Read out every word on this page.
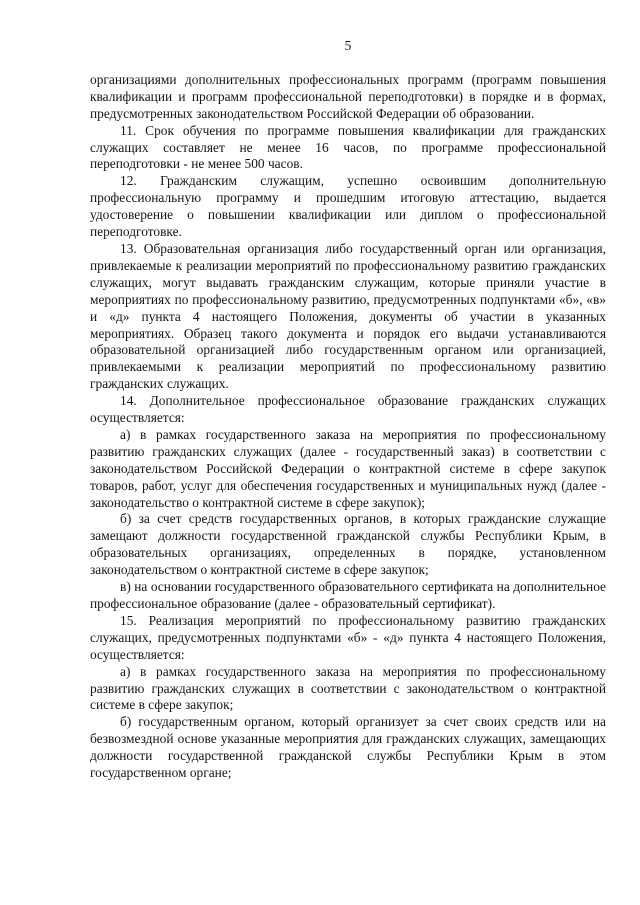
5

организациями дополнительных профессиональных программ (программ повышения квалификации и программ профессиональной переподготовки) в порядке и в формах, предусмотренных законодательством Российской Федерации об образовании.

11. Срок обучения по программе повышения квалификации для гражданских служащих составляет не менее 16 часов, по программе профессиональной переподготовки - не менее 500 часов.

12. Гражданским служащим, успешно освоившим дополнительную профессиональную программу и прошедшим итоговую аттестацию, выдается удостоверение о повышении квалификации или диплом о профессиональной переподготовке.

13. Образовательная организация либо государственный орган или организация, привлекаемые к реализации мероприятий по профессиональному развитию гражданских служащих, могут выдавать гражданским служащим, которые приняли участие в мероприятиях по профессиональному развитию, предусмотренных подпунктами «б», «в» и «д» пункта 4 настоящего Положения, документы об участии в указанных мероприятиях. Образец такого документа и порядок его выдачи устанавливаются образовательной организацией либо государственным органом или организацией, привлекаемыми к реализации мероприятий по профессиональному развитию гражданских служащих.

14. Дополнительное профессиональное образование гражданских служащих осуществляется:

а) в рамках государственного заказа на мероприятия по профессиональному развитию гражданских служащих (далее - государственный заказ) в соответствии с законодательством Российской Федерации о контрактной системе в сфере закупок товаров, работ, услуг для обеспечения государственных и муниципальных нужд (далее - законодательство о контрактной системе в сфере закупок);

б) за счет средств государственных органов, в которых гражданские служащие замещают должности государственной гражданской службы Республики Крым, в образовательных организациях, определенных в порядке, установленном законодательством о контрактной системе в сфере закупок;

в) на основании государственного образовательного сертификата на дополнительное профессиональное образование (далее - образовательный сертификат).

15. Реализация мероприятий по профессиональному развитию гражданских служащих, предусмотренных подпунктами «б» - «д» пункта 4 настоящего Положения, осуществляется:

а) в рамках государственного заказа на мероприятия по профессиональному развитию гражданских служащих в соответствии с законодательством о контрактной системе в сфере закупок;

б) государственным органом, который организует за счет своих средств или на безвозмездной основе указанные мероприятия для гражданских служащих, замещающих должности государственной гражданской службы Республики Крым в этом государственном органе;
